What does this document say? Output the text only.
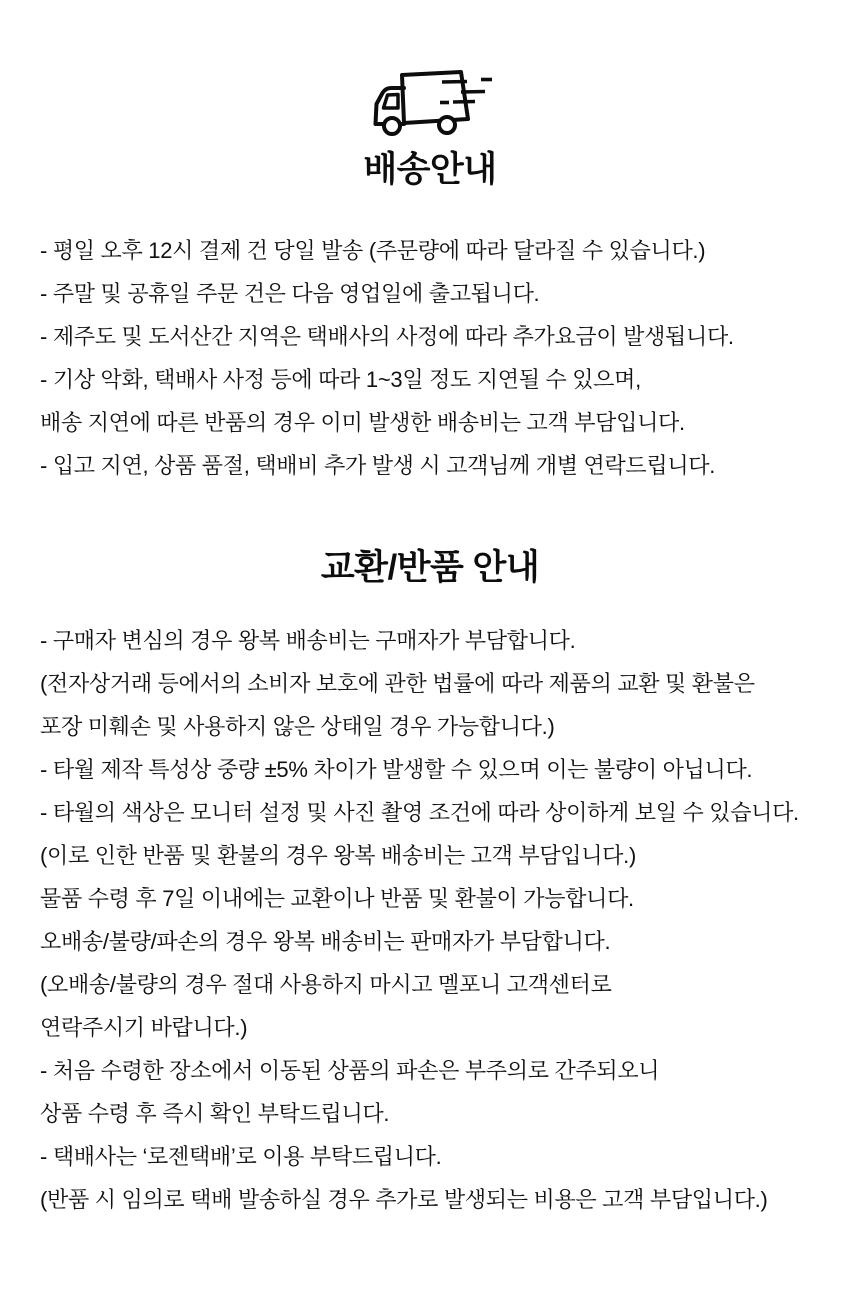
배송안내

- 평일 오후 12시 결제 건 당일 발송 (주문량에 따라 달라질 수 있습니다.)

- 주말 및 공휴일 주문 건은 다음 영업일에 출고됩니다.

- 제주도 및 도서산간 지역은 택배사의 사정에 따라 추가요금이 발생됩니다.

- 기상 악화, 택배사 사정 등에 따라 1~3일 정도 지연될 수 있으며,

배송 지연에 따른 반품의 경우 이미 발생한 배송비는 고객 부담입니다.

- 입고 지연, 상품 품절, 택배비 추가 발생 시 고객님께 개별 연락드립니다.

교환/반품 안내

- 구매자 변심의 경우 왕복 배송비는 구매자가 부담합니다.

(전자상거래 등에서의 소비자 보호에 관한 법률에 따라 제품의 교환 및 환불은

포장 미훼손 및 사용하지 않은 상태일 경우 가능합니다.)

- 타월 제작 특성상 중량 ±5% 차이가 발생할 수 있으며 이는 불량이 아닙니다.

- 타월의 색상은 모니터 설정 및 사진 촬영 조건에 따라 상이하게 보일 수 있습니다.

(이로 인한 반품 및 환불의 경우 왕복 배송비는 고객 부담입니다.)

물품 수령 후 7일 이내에는 교환이나 반품 및 환불이 가능합니다.

오배송/불량/파손의 경우 왕복 배송비는 판매자가 부담합니다.

(오배송/불량의 경우 절대 사용하지 마시고 멜포니 고객센터로

연락주시기 바랍니다.)

- 처음 수령한 장소에서 이동된 상품의 파손은 부주의로 간주되오니

상품 수령 후 즉시 확인 부탁드립니다.

- 택배사는 ‘로젠택배’로 이용 부탁드립니다.

(반품 시 임의로 택배 발송하실 경우 추가로 발생되는 비용은 고객 부담입니다.)
